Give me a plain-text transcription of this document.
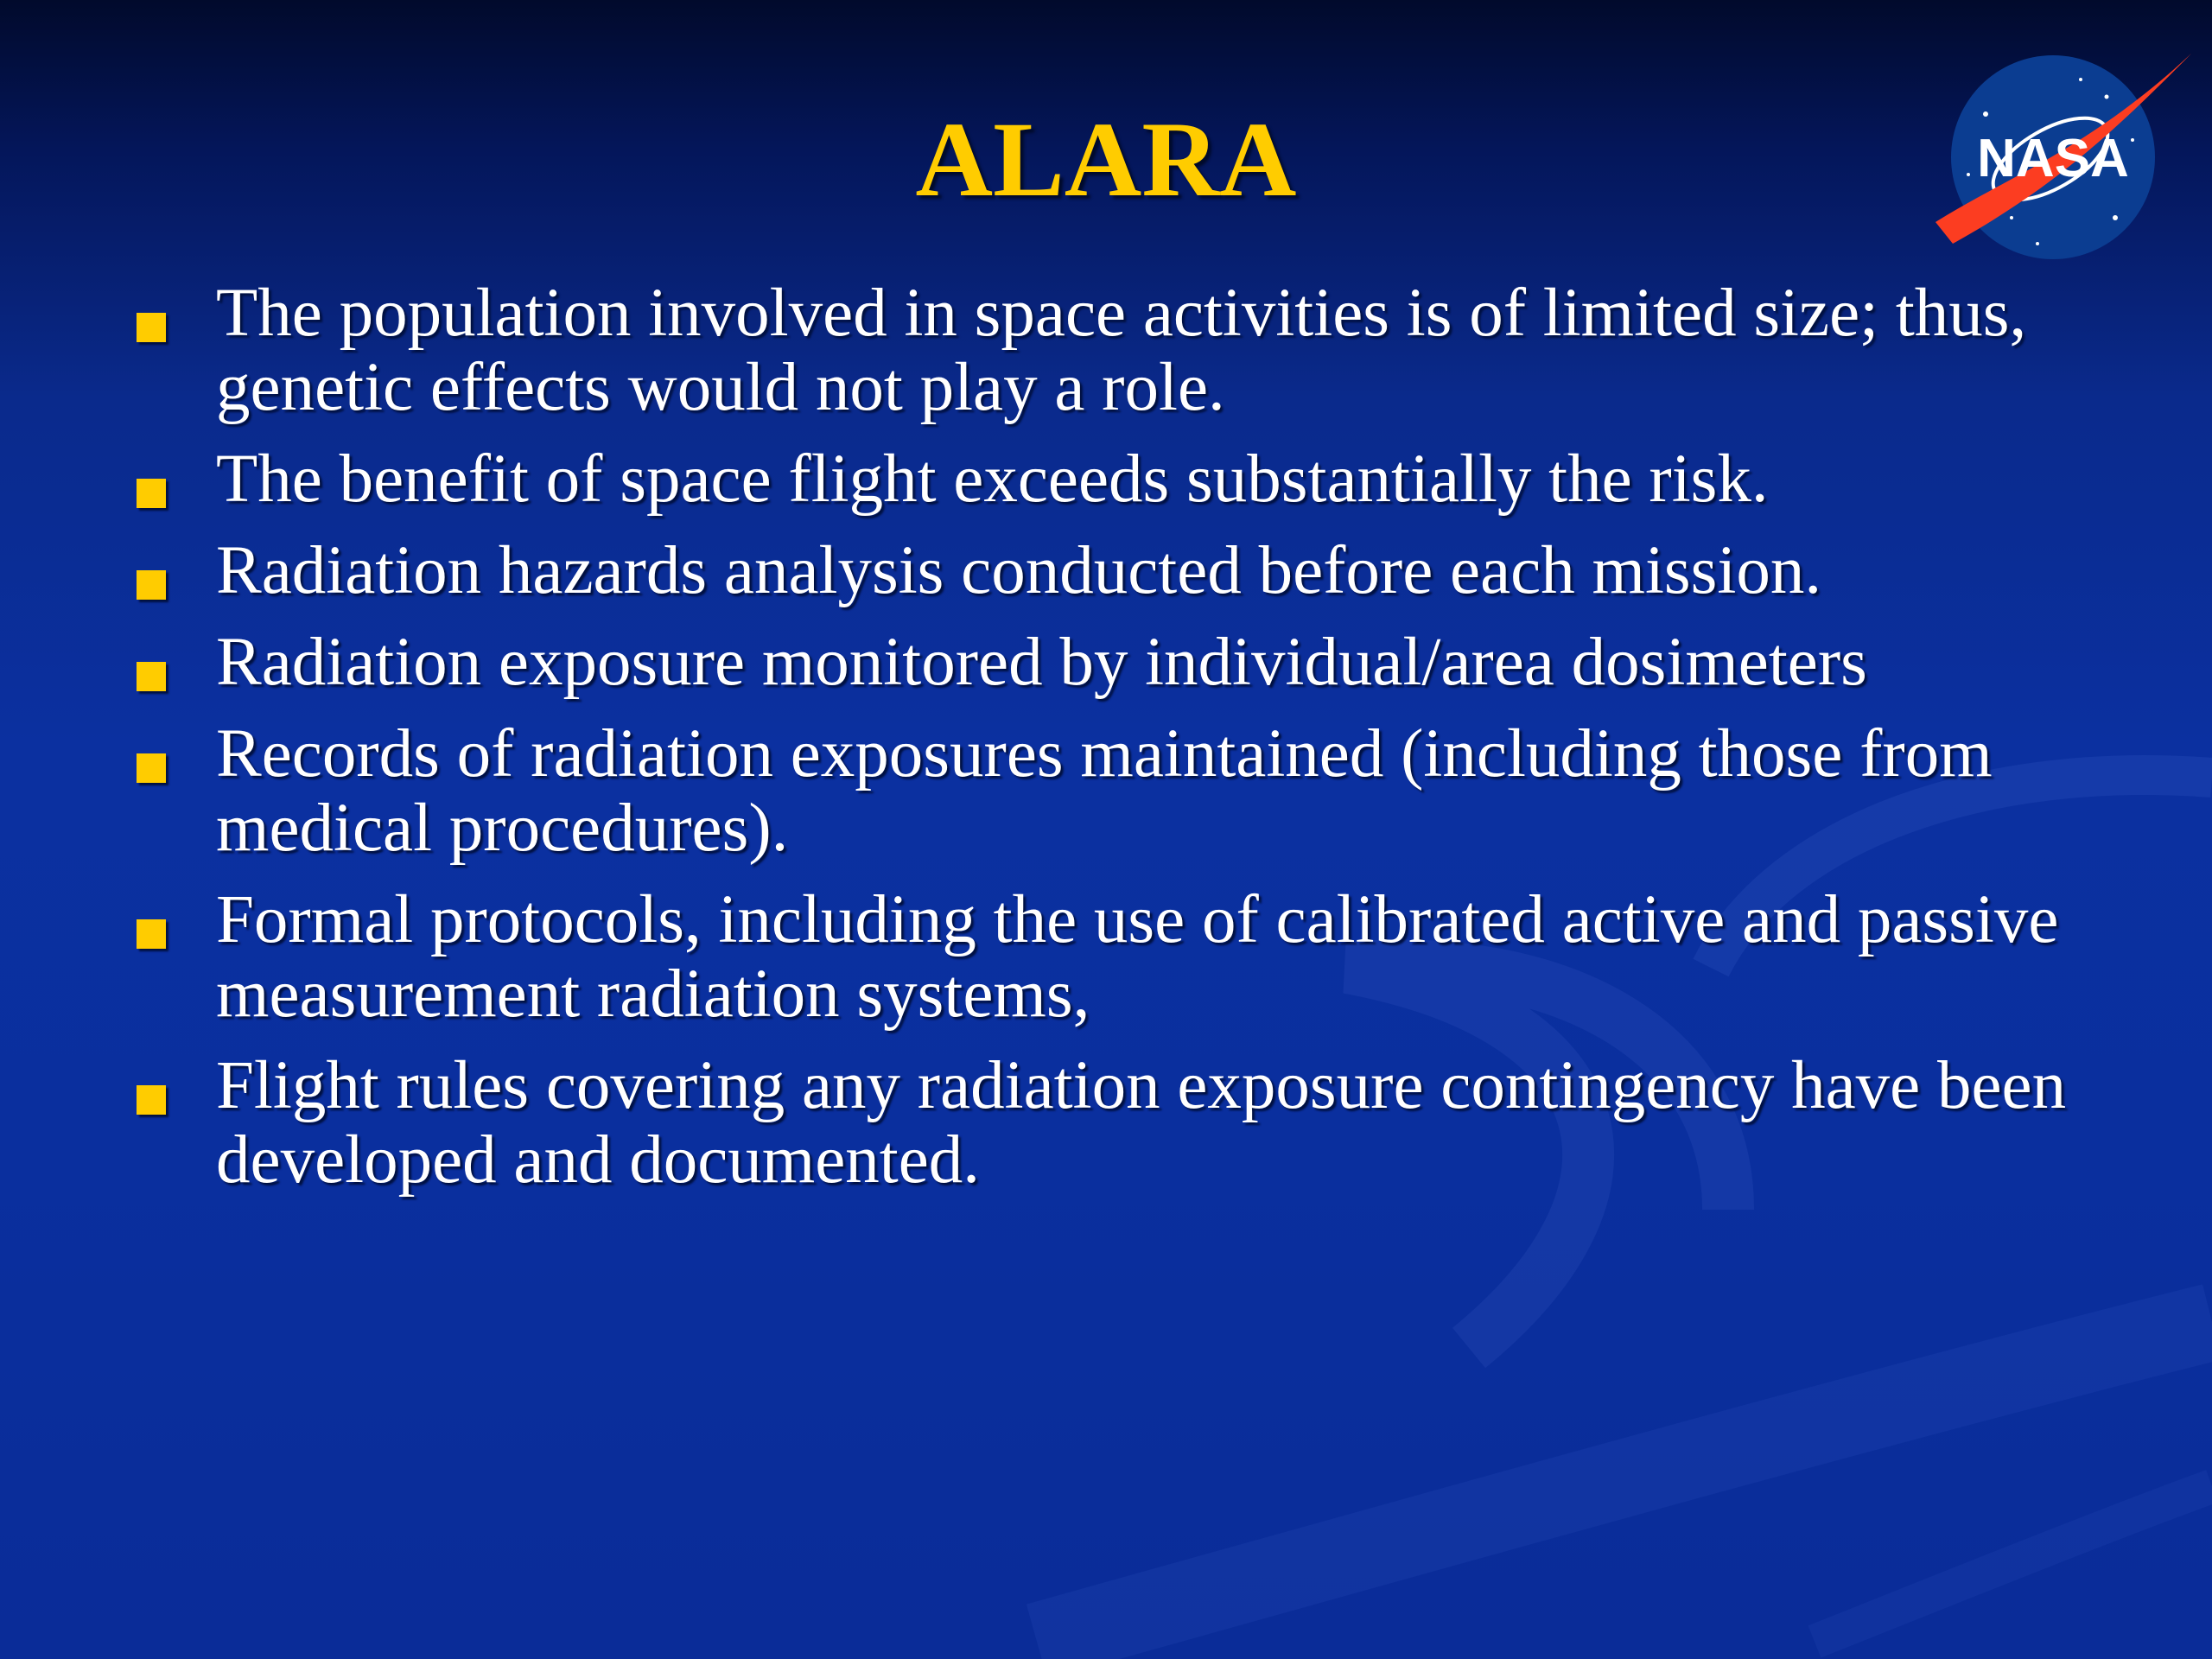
ALARA	NASA
The population involved in space activities is of limited size; thus, genetic effects would not play a role.
The benefit of space flight exceeds substantially the risk.
Radiation hazards analysis conducted before each mission.
Radiation exposure monitored by individual/area dosimeters
Records of radiation exposures maintained (including those from medical procedures).
Formal protocols, including the use of calibrated active and passive measurement radiation systems,
Flight rules covering any radiation exposure contingency have been developed and documented.
